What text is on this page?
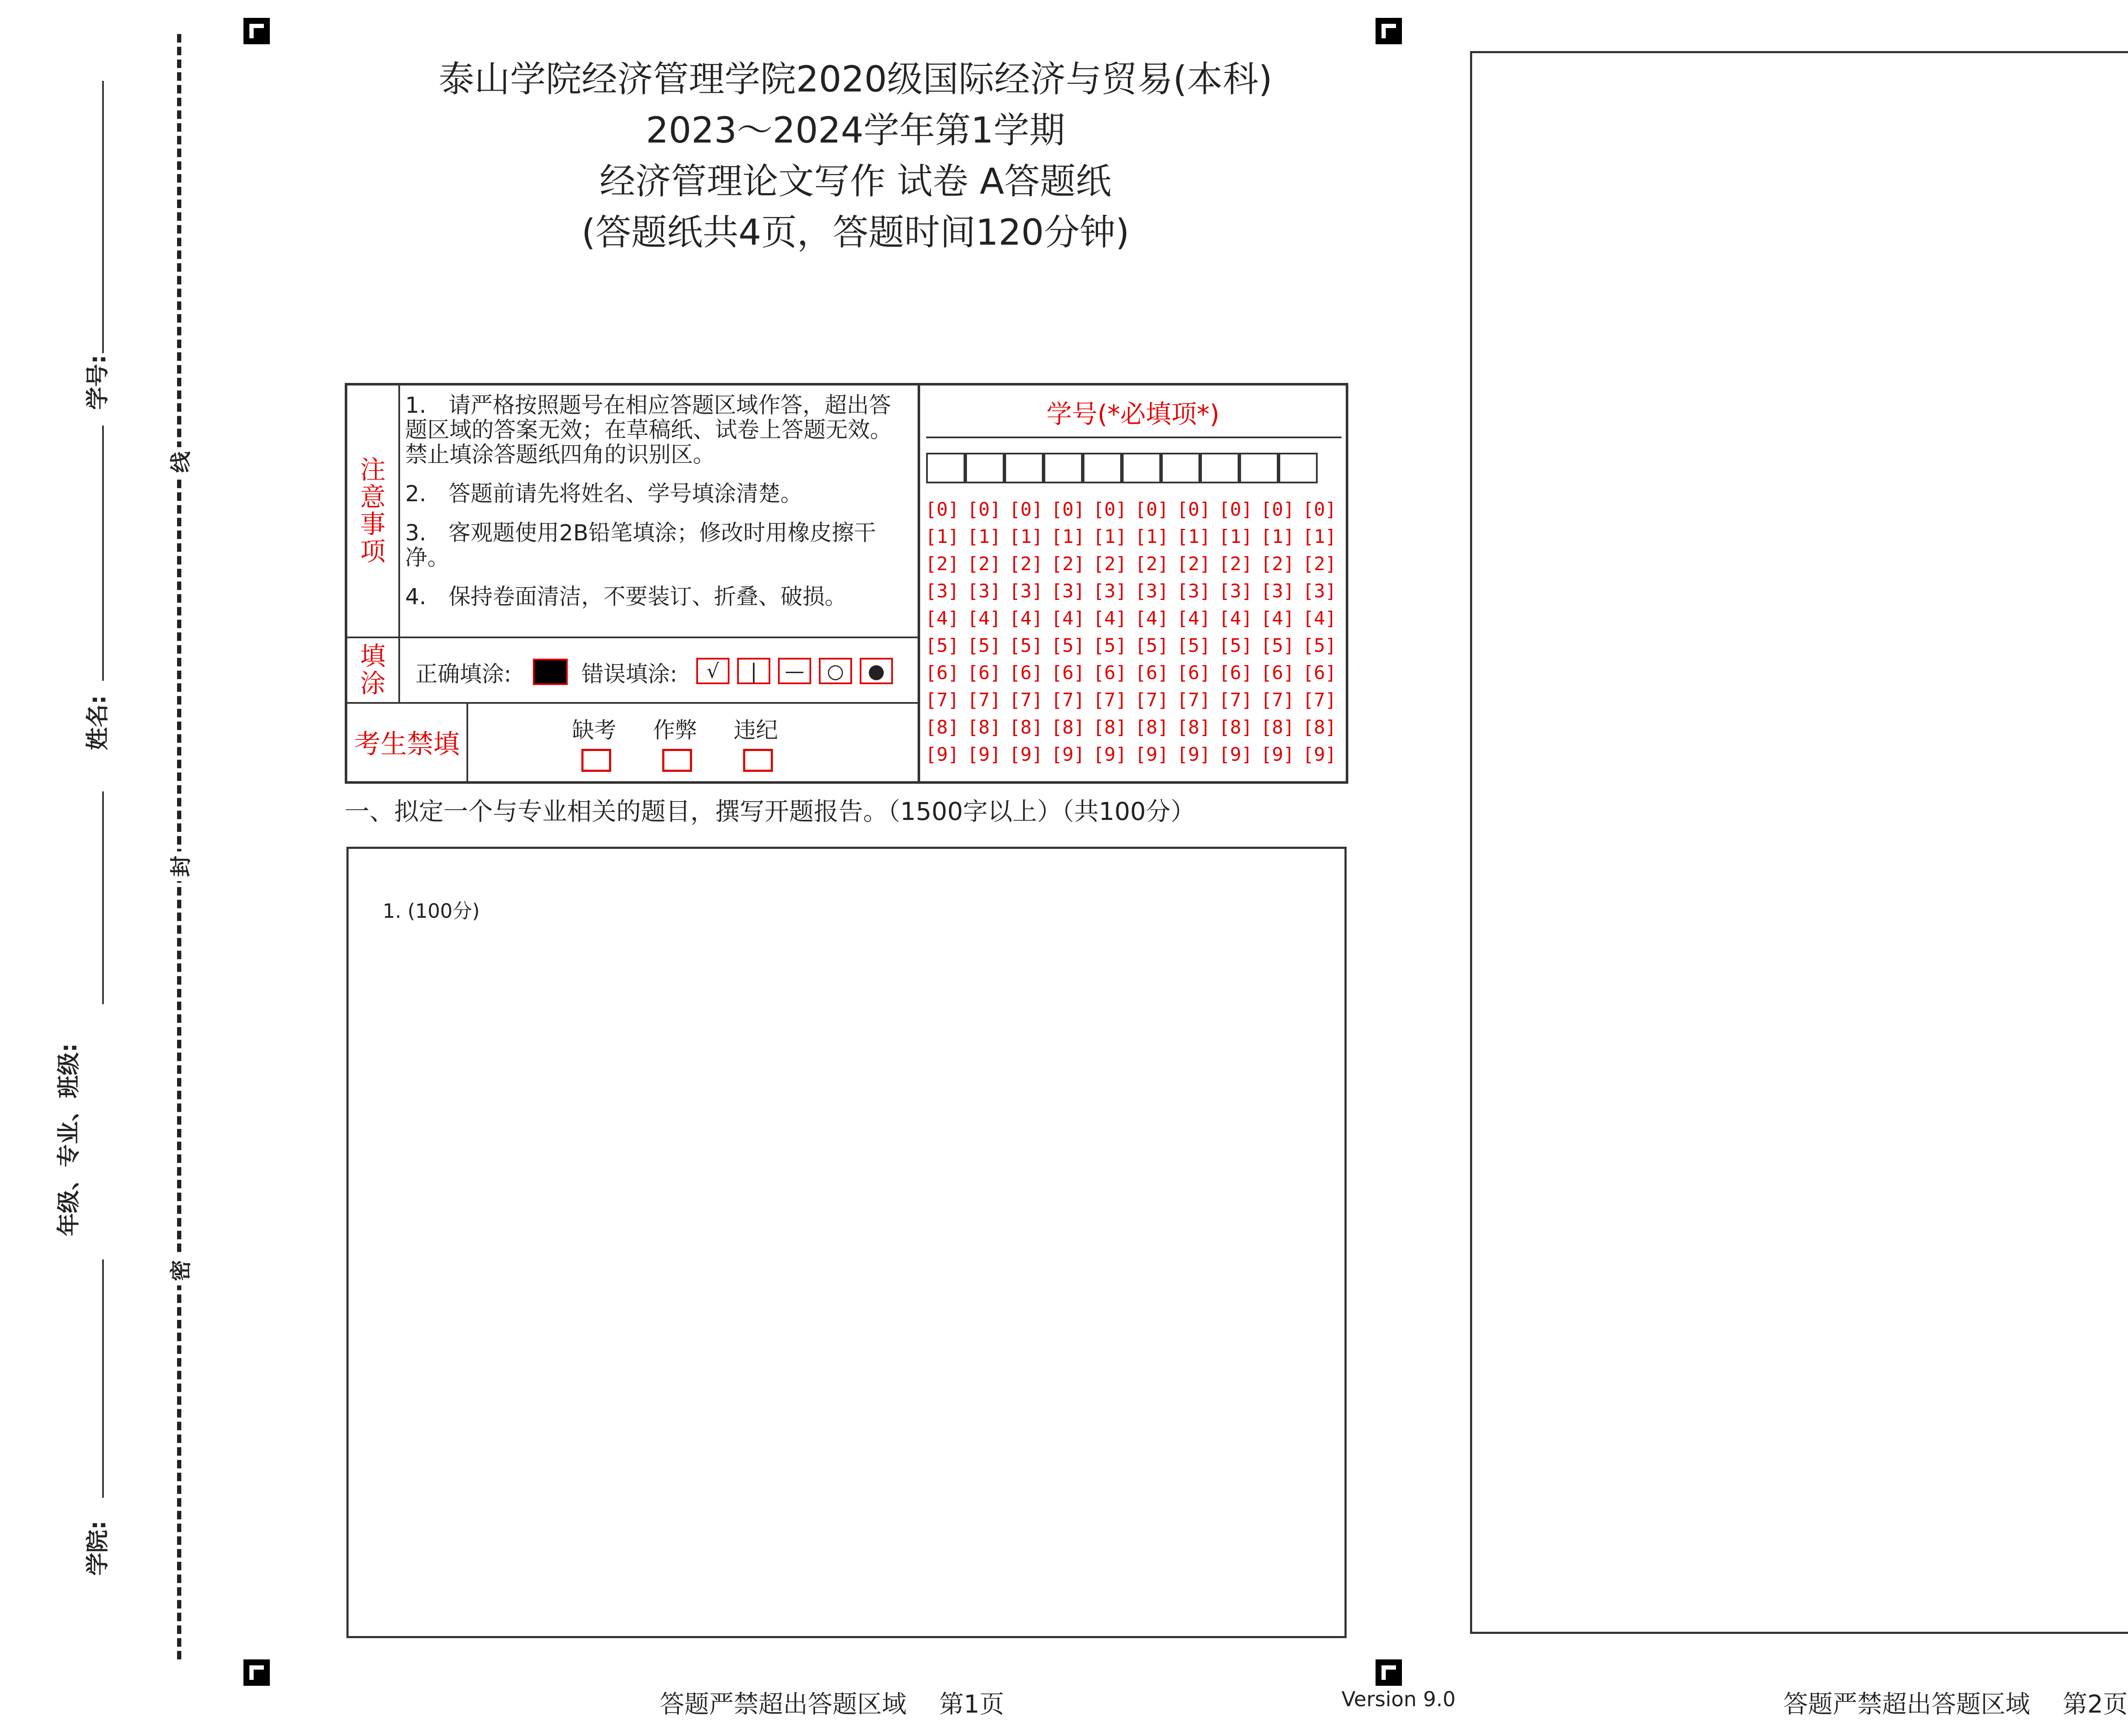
线
封
密
学号:
姓名:
年级、专业、班级:
学院:
泰山学院经济管理学院2020级国际经济与贸易(本科)
2023～2024学年第1学期
经济管理论文写作 试卷 A答题纸
(答题纸共4页，答题时间120分钟)
注
意
事
项
1.　请严格按照题号在相应答题区域作答，超出答题区域的答案无效；在草稿纸、试卷上答题无效。禁止填涂答题纸四角的识别区。
2.　答题前请先将姓名、学号填涂清楚。
3.　客观题使用2B铅笔填涂；修改时用橡皮擦干净。
4.　保持卷面清洁，不要装订、折叠、破损。
填
涂 正确填涂:	错误填涂:	√	|	—	○	●
考生禁填	缺考	作弊	违纪
学号(*必填项*)
[0] [0] [0] [0] [0] [0] [0] [0] [0] [0]
[1] [1] [1] [1] [1] [1] [1] [1] [1] [1]
[2] [2] [2] [2] [2] [2] [2] [2] [2] [2]
[3] [3] [3] [3] [3] [3] [3] [3] [3] [3]
[4] [4] [4] [4] [4] [4] [4] [4] [4] [4]
[5] [5] [5] [5] [5] [5] [5] [5] [5] [5]
[6] [6] [6] [6] [6] [6] [6] [6] [6] [6]
[7] [7] [7] [7] [7] [7] [7] [7] [7] [7]
[8] [8] [8] [8] [8] [8] [8] [8] [8] [8]
[9] [9] [9] [9] [9] [9] [9] [9] [9] [9]
一、拟定一个与专业相关的题目，撰写开题报告。（1500字以上）（共100分）
1. (100分)
答题严禁超出答题区域　 第1页	Version 9.0	答题严禁超出答题区域　 第2页
